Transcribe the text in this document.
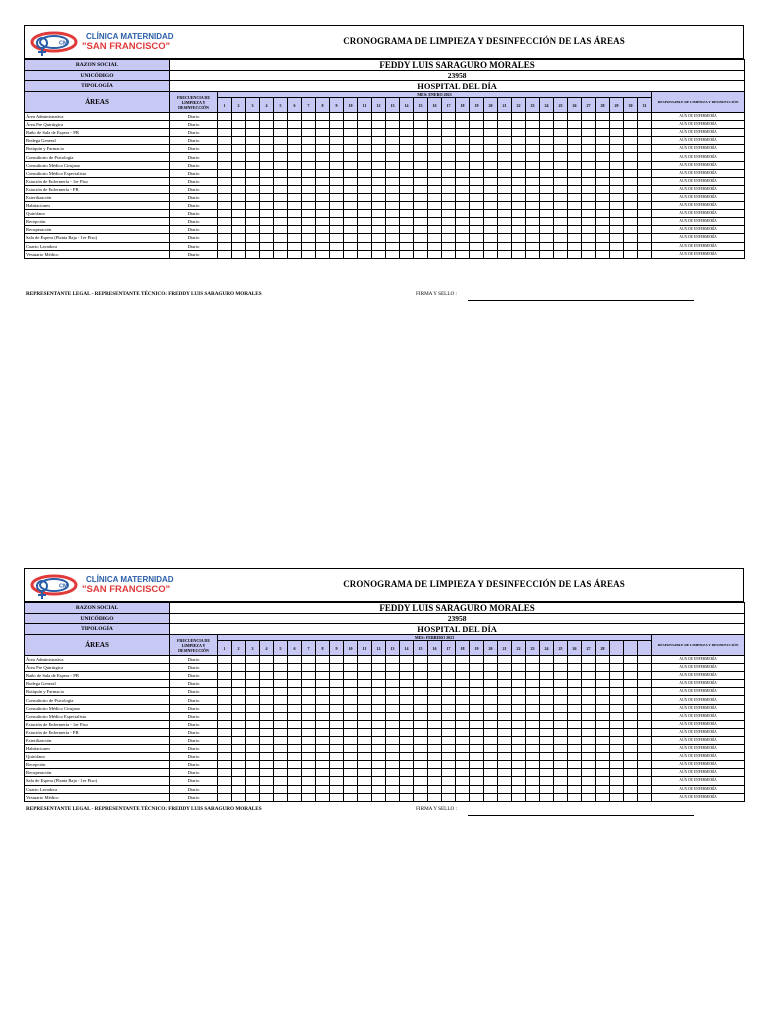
CM
CLÍNICA MATERNIDAD
"SAN FRANCISCO"	CRONOGRAMA DE LIMPIEZA Y DESINFECCIÓN DE LAS ÁREAS
RAZON SOCIAL	FEDDY LUIS SARAGURO MORALES																																
UNICÓDIGO	23958																																
TIPOLOGÍA	HOSPITAL DEL DÍA																																
ÁREAS	FRECUENCIA DE LIMPIEZA Y DESINFECCIÓN	MES: ENERO 2023																															RESPONSABLE DE LIMPIEZA Y DESINFECCIÓN
		1	2	3	4	5	6	7	8	9	10	11	12	13	14	15	16	17	18	19	20	21	22	23	24	25	26	27	28	29	30	31	
Área Administrativa	Diario																																AUX DE ENFERMERÍA
Área Pre Quirúrgica	Diario																																AUX DE ENFERMERÍA
Baño de Sala de Espera - PB	Diario																																AUX DE ENFERMERÍA
Bodega General	Diario																																AUX DE ENFERMERÍA
Botiquín y Farmacia	Diario																																AUX DE ENFERMERÍA
Consultorio de Psicología	Diario																																AUX DE ENFERMERÍA
Consultorio Médico Cirujano	Diario																																AUX DE ENFERMERÍA
Consultorio Médico Especialista	Diario																																AUX DE ENFERMERÍA
Estación de Enfermería - 1er Piso	Diario																																AUX DE ENFERMERÍA
Estación de Enfermería - PB	Diario																																AUX DE ENFERMERÍA
Esterilización	Diario																																AUX DE ENFERMERÍA
Habitaciones	Diario																																AUX DE ENFERMERÍA
Quirófano	Diario																																AUX DE ENFERMERÍA
Recepción	Diario																																AUX DE ENFERMERÍA
Recuperación	Diario																																AUX DE ENFERMERÍA
Sala de Espera (Planta Baja - 1er Piso)	Diario																																AUX DE ENFERMERÍA
Cuarto Lavadora	Diario																																AUX DE ENFERMERÍA
Vestuario Médico	Diario																																AUX DE ENFERMERÍA
REPRESENTANTE LEGAL - REPRESENTANTE TÉCNICO: FREDDY LUIS SARAGURO MORALES	FIRMA Y SELLO :
CM
CLÍNICA MATERNIDAD
"SAN FRANCISCO"	CRONOGRAMA DE LIMPIEZA Y DESINFECCIÓN DE LAS ÁREAS
RAZON SOCIAL	FEDDY LUIS SARAGURO MORALES																																
UNICÓDIGO	23958																																
TIPOLOGÍA	HOSPITAL DEL DÍA																																
ÁREAS	FRECUENCIA DE LIMPIEZA Y DESINFECCIÓN	MES: FEBRERO 2023																															RESPONSABLE DE LIMPIEZA Y DESINFECCIÓN
		1	2	3	4	5	6	7	8	9	10	11	12	13	14	15	16	17	18	19	20	21	22	23	24	25	26	27	28				
Área Administrativa	Diario																																AUX DE ENFERMERÍA
Área Pre Quirúrgica	Diario																																AUX DE ENFERMERÍA
Baño de Sala de Espera - PB	Diario																																AUX DE ENFERMERÍA
Bodega General	Diario																																AUX DE ENFERMERÍA
Botiquín y Farmacia	Diario																																AUX DE ENFERMERÍA
Consultorio de Psicología	Diario																																AUX DE ENFERMERÍA
Consultorio Médico Cirujano	Diario																																AUX DE ENFERMERÍA
Consultorio Médico Especialista	Diario																																AUX DE ENFERMERÍA
Estación de Enfermería - 1er Piso	Diario																																AUX DE ENFERMERÍA
Estación de Enfermería - PB	Diario																																AUX DE ENFERMERÍA
Esterilización	Diario																																AUX DE ENFERMERÍA
Habitaciones	Diario																																AUX DE ENFERMERÍA
Quirófano	Diario																																AUX DE ENFERMERÍA
Recepción	Diario																																AUX DE ENFERMERÍA
Recuperación	Diario																																AUX DE ENFERMERÍA
Sala de Espera (Planta Baja - 1er Piso)	Diario																																AUX DE ENFERMERÍA
Cuarto Lavadora	Diario																																AUX DE ENFERMERÍA
Vestuario Médico	Diario																																AUX DE ENFERMERÍA
REPRESENTANTE LEGAL - REPRESENTANTE TÉCNICO: FREDDY LUIS SARAGURO MORALES	FIRMA Y SELLO :
